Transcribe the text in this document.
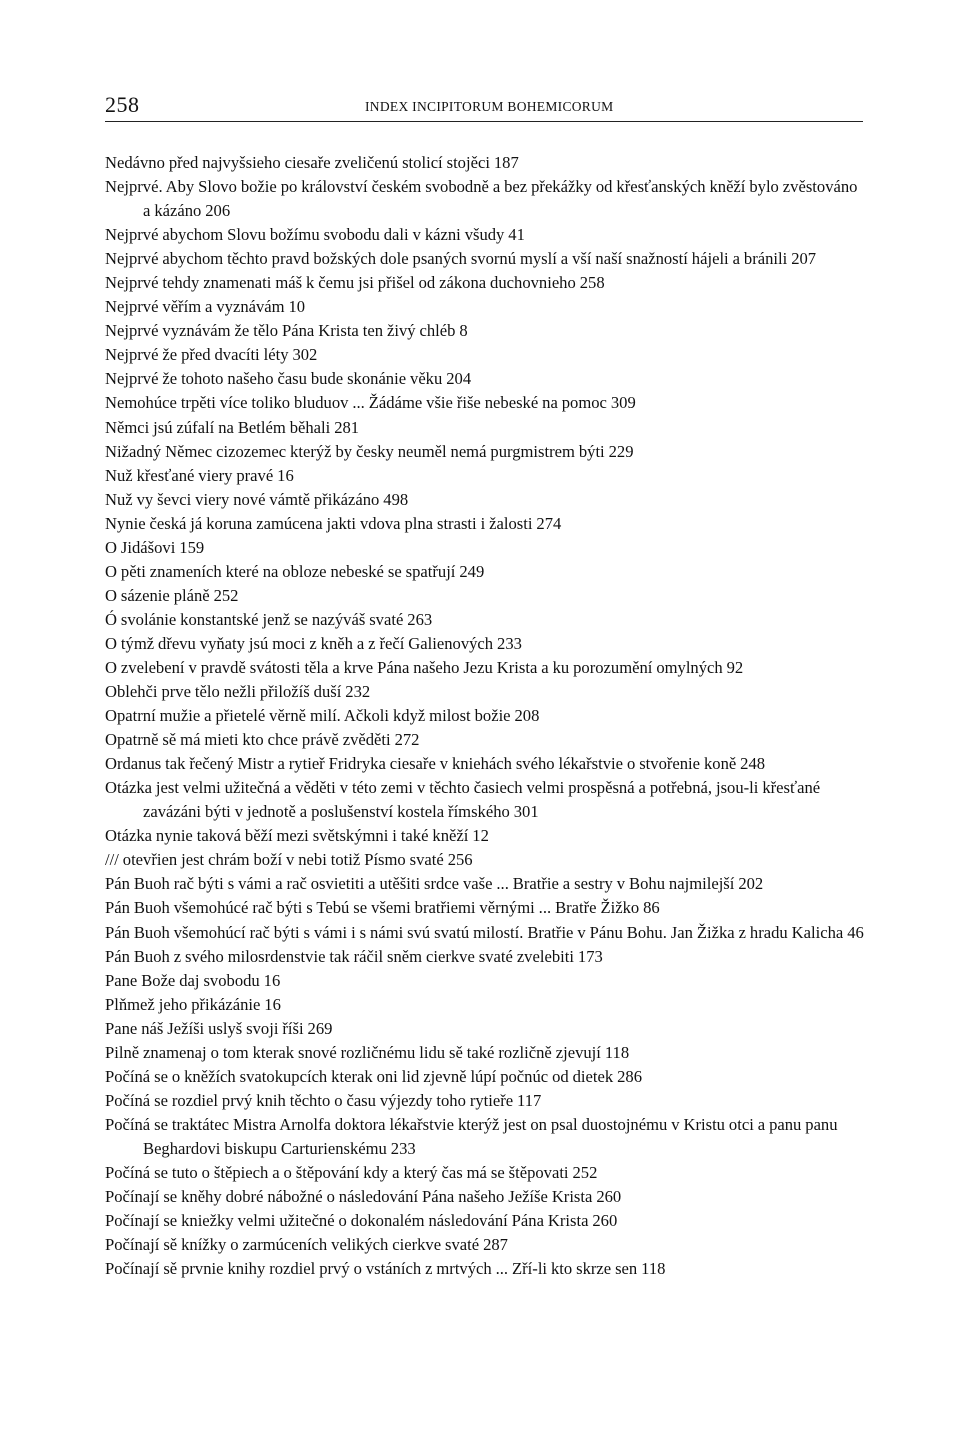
258	INDEX INCIPITORUM BOHEMICORUM
Nedávno před najvyšsieho ciesaře zveličenú stolicí stojěci 187
Nejprvé. Aby Slovo božie po království českém svobodně a bez překážky od křesťanských kněží bylo zvěstováno a kázáno 206
Nejprvé abychom Slovu božímu svobodu dali v kázni všudy 41
Nejprvé abychom těchto pravd božských dole psaných svornú myslí a vší naší snažností hájeli a bránili 207
Nejprvé tehdy znamenati máš k čemu jsi přišel od zákona duchovnieho 258
Nejprvé věřím a vyznávám 10
Nejprvé vyznávám že tělo Pána Krista ten živý chléb 8
Nejprvé že před dvacíti léty 302
Nejprvé že tohoto našeho času bude skonánie věku 204
Nemohúce trpěti více toliko bluduov ... Žádáme všie řiše nebeské na pomoc 309
Němci jsú zúfalí na Betlém běhali 281
Nižadný Němec cizozemec kterýž by česky neuměl nemá purgmistrem býti 229
Nuž křesťané viery pravé 16
Nuž vy ševci viery nové vámtě přikázáno 498
Nynie česká já koruna zamúcena jakti vdova plna strasti i žalosti 274
O Jidášovi 159
O pěti znameních které na obloze nebeské se spatřují 249
O sázenie pláně 252
Ó svolánie konstantské jenž se nazýváš svaté 263
O týmž dřevu vyňaty jsú moci z kněh a z řečí Galienových 233
O zvelebení v pravdě svátosti těla a krve Pána našeho Jezu Krista a ku porozumění omylných 92
Oblehči prve tělo nežli přiložíš duší 232
Opatrní mužie a přietelé věrně milí. Ačkoli když milost božie 208
Opatrně sě má mieti kto chce právě zvěděti 272
Ordanus tak řečený Mistr a rytieř Fridryka ciesaře v kniehách svého lékařstvie o stvořenie koně 248
Otázka jest velmi užitečná a věděti v této zemi v těchto časiech velmi prospěsná a potřebná, jsou-li křesťané zavázáni býti v jednotě a poslušenství kostela římského 301
Otázka nynie taková běží mezi světskýmni i také kněží 12
/// otevřien jest chrám boží v nebi totiž Písmo svaté 256
Pán Buoh rač býti s vámi a rač osvietiti a utěšiti srdce vaše ... Bratřie a sestry v Bohu najmilejší 202
Pán Buoh všemohúcé rač býti s Tebú se všemi bratřiemi věrnými ... Bratře Žižko 86
Pán Buoh všemohúcí rač býti s vámi i s námi svú svatú milostí. Bratřie v Pánu Bohu. Jan Žižka z hradu Kalicha 46
Pán Buoh z svého milosrdenstvie tak ráčil sněm cierkve svaté zvelebiti 173
Pane Bože daj svobodu 16
Plňmež jeho přikázánie 16
Pane náš Ježíši uslyš svoji říši 269
Pilně znamenaj o tom kterak snové rozličnému lidu sě také rozličně zjevují 118
Počíná se o kněžích svatokupcích kterak oni lid zjevně lúpí počnúc od dietek 286
Počíná se rozdiel prvý knih těchto o času výjezdy toho rytieře 117
Počíná se traktátec Mistra Arnolfa doktora lékařstvie kterýž jest on psal duostojnému v Kristu otci a panu panu Beghardovi biskupu Carturienskému 233
Počíná se tuto o štěpiech a o štěpování kdy a který čas má se štěpovati 252
Počínají se kněhy dobré nábožné o následování Pána našeho Ježíše Krista 260
Počínají se kniežky velmi užitečné o dokonalém následování Pána Krista 260
Počínají sě knížky o zarmúceních velikých cierkve svaté 287
Počínají sě prvnie knihy rozdiel prvý o vstáních z mrtvých ... Zří-li kto skrze sen 118
